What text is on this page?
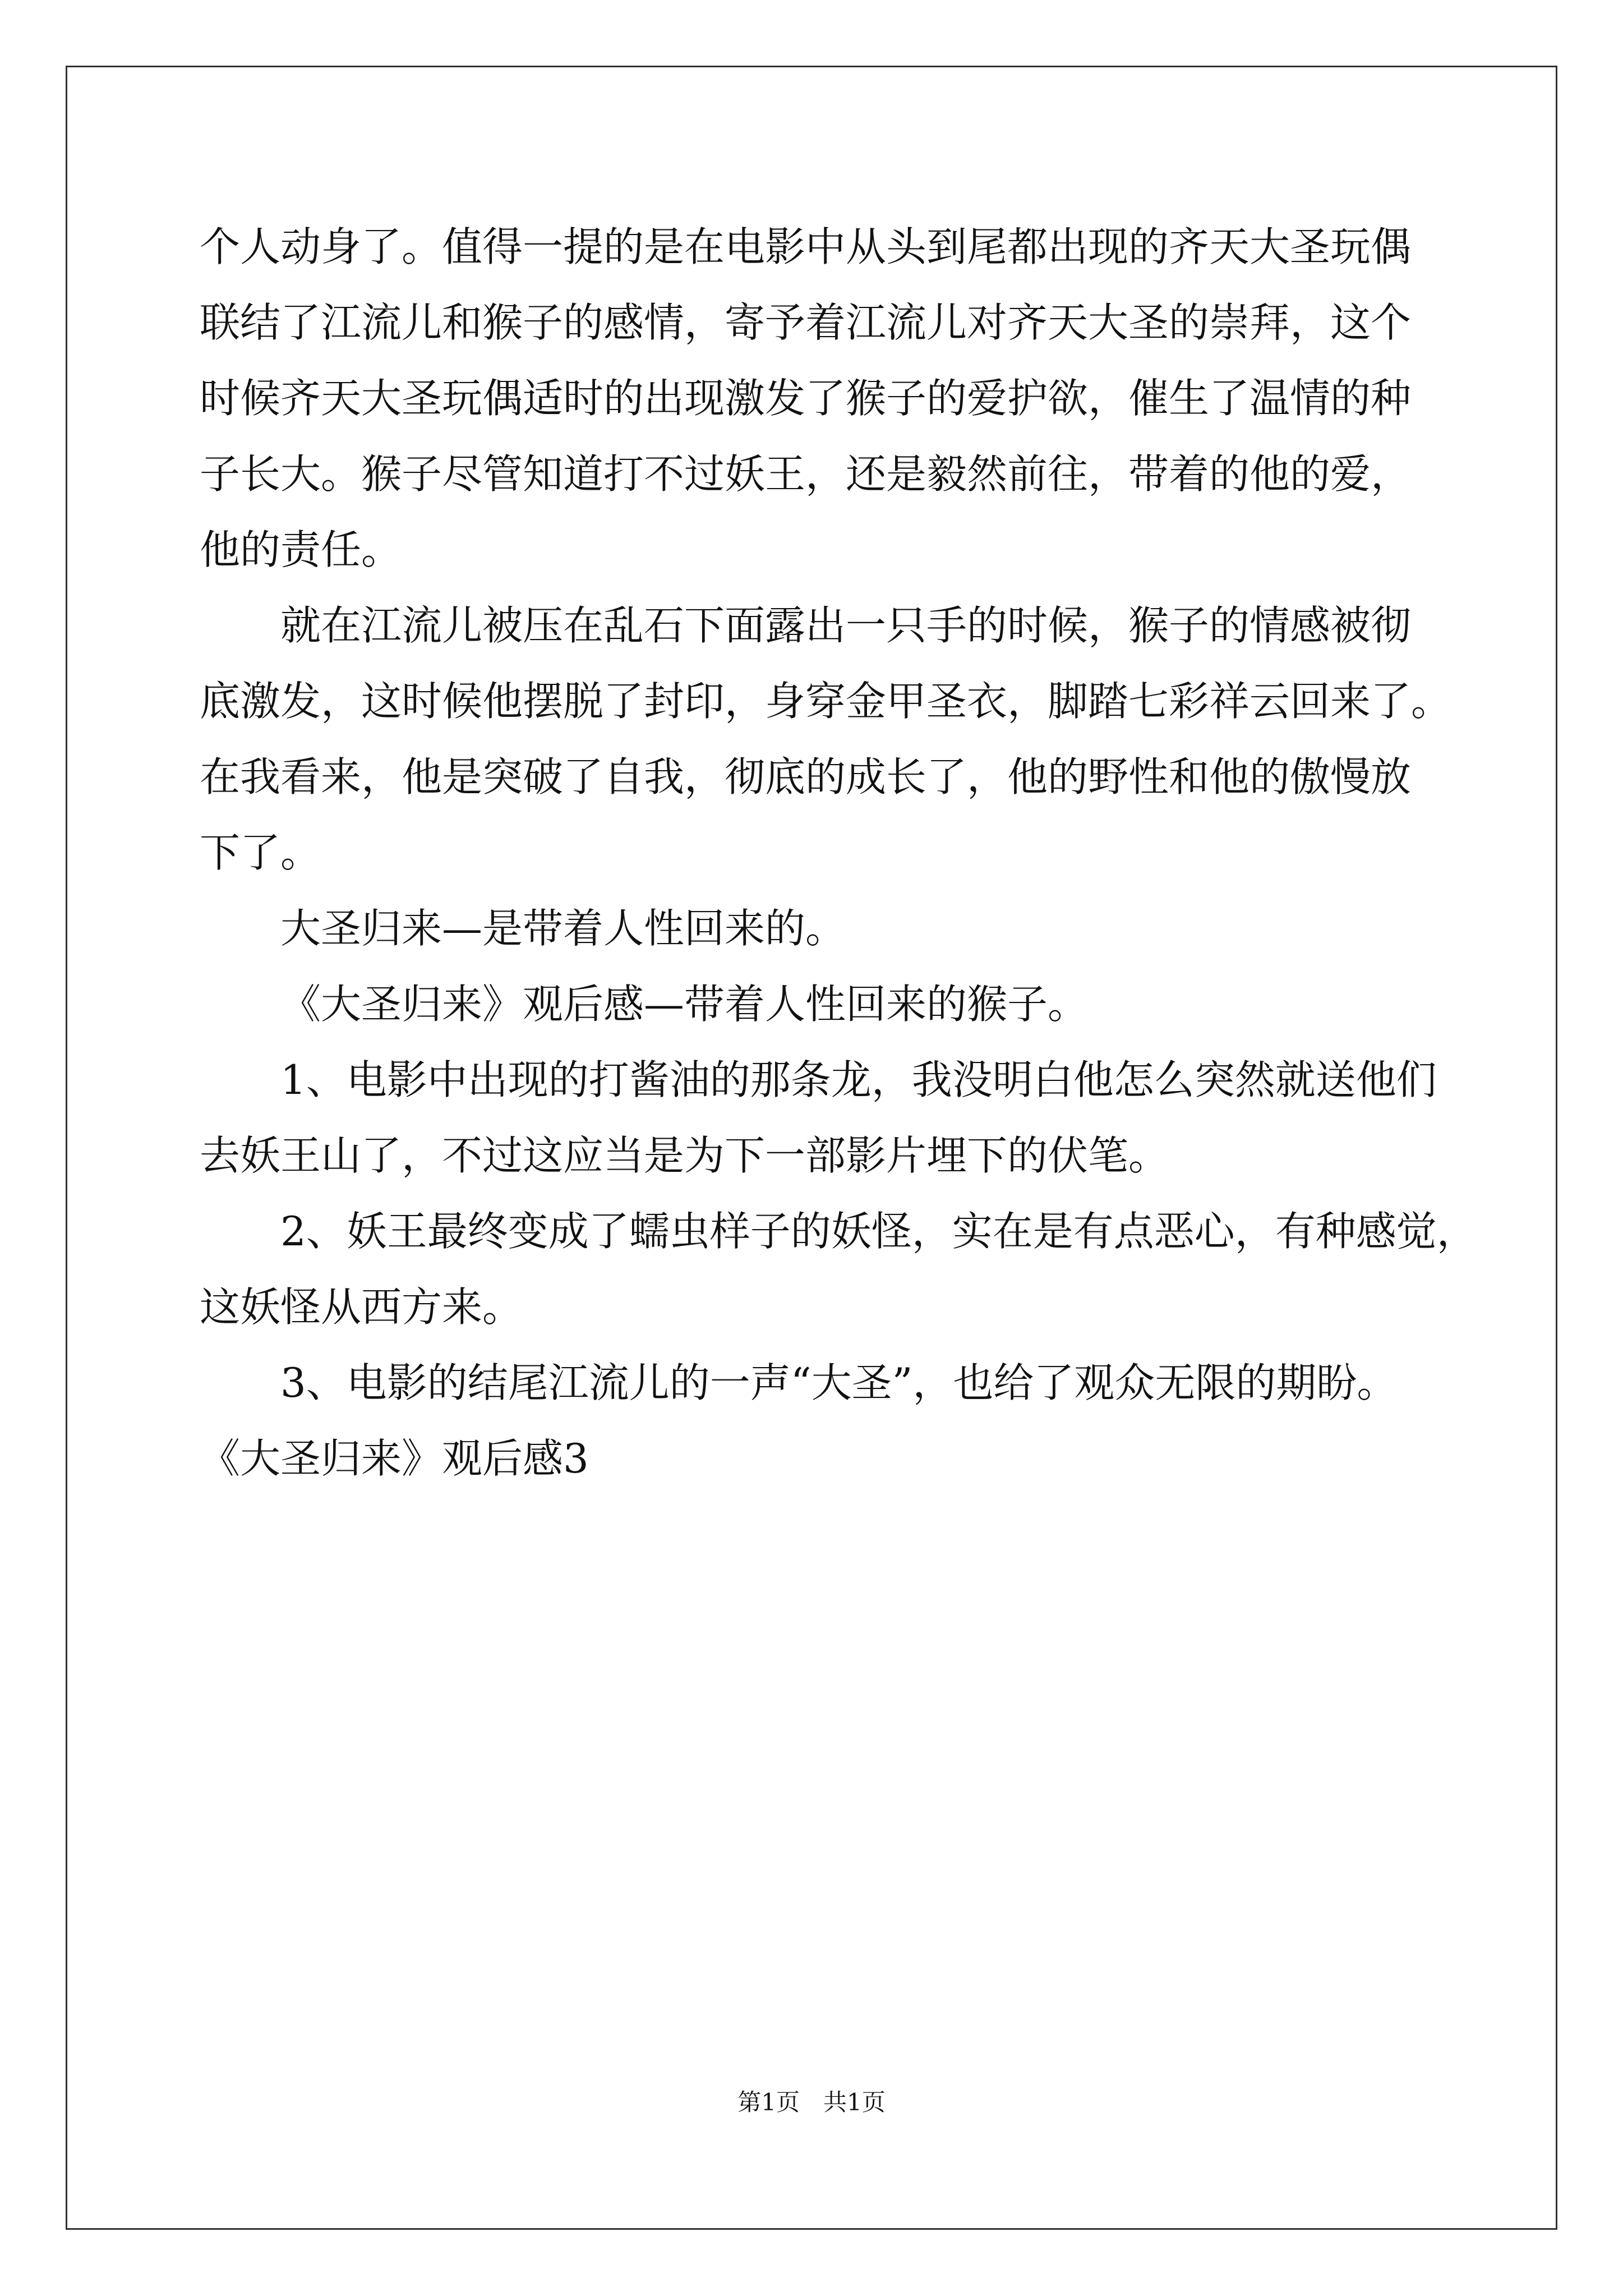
个人动身了。值得一提的是在电影中从头到尾都出现的齐天大圣玩偶
联结了江流儿和猴子的感情，寄予着江流儿对齐天大圣的崇拜，这个
时候齐天大圣玩偶适时的出现激发了猴子的爱护欲，催生了温情的种
子长大。猴子尽管知道打不过妖王，还是毅然前往，带着的他的爱，
他的责任。
就在江流儿被压在乱石下面露出一只手的时候，猴子的情感被彻
底激发，这时候他摆脱了封印，身穿金甲圣衣，脚踏七彩祥云回来了。
在我看来，他是突破了自我，彻底的成长了，他的野性和他的傲慢放
下了。
大圣归来—是带着人性回来的。
《大圣归来》观后感—带着人性回来的猴子。
1、电影中出现的打酱油的那条龙，我没明白他怎么突然就送他们
去妖王山了，不过这应当是为下一部影片埋下的伏笔。
2、妖王最终变成了蠕虫样子的妖怪，实在是有点恶心，有种感觉，
这妖怪从西方来。
3、电影的结尾江流儿的一声“大圣”，也给了观众无限的期盼。
《大圣归来》观后感3
第1页　共1页
